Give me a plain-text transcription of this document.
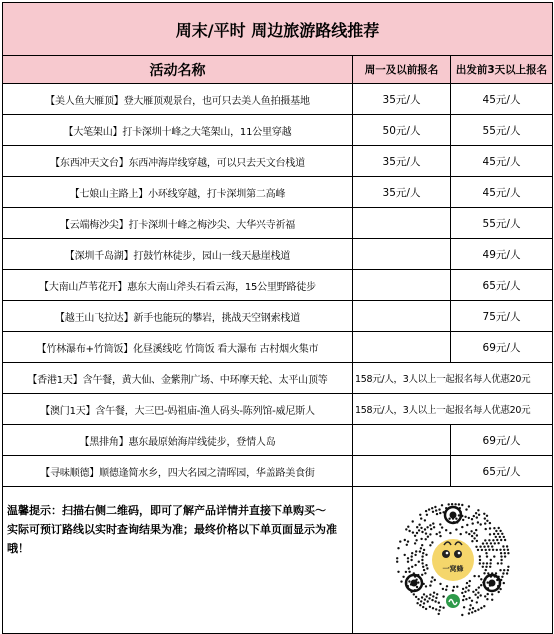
周末/平时 周边旅游路线推荐		
活动名称	周一及以前报名	出发前3天以上报名
【美人鱼大雁顶】登大雁顶观景台，也可只去美人鱼拍摄基地	35元/人	45元/人
【大笔架山】打卡深圳十峰之大笔架山，11公里穿越	50元/人	55元/人
【东西冲天文台】东西冲海岸线穿越，可以只去天文台栈道	35元/人	45元/人
【七娘山主路上】小环线穿越，打卡深圳第二高峰	35元/人	45元/人
【云端梅沙尖】打卡深圳十峰之梅沙尖、大华兴寺祈福		55元/人
【深圳千岛湖】打鼓竹林徒步，园山一线天悬崖栈道		49元/人
【大南山芦苇花开】惠东大南山斧头石看云海，15公里野路徒步		65元/人
【越王山飞拉达】新手也能玩的攀岩，挑战天空钢索栈道		75元/人
【竹林瀑布+竹筒饭】化昼溪线吃 竹筒饭 看大瀑布 古村烟火集市		69元/人
【香港1天】含午餐，黄大仙、金紫荆广场、中环摩天轮、太平山顶等	158元/人，3人以上一起报名每人优惠20元	
【澳门1天】含午餐，大三巴-妈祖庙-渔人码头-陈列馆-威尼斯人	158元/人，3人以上一起报名每人优惠20元	
【黑排角】惠东最原始海岸线徒步，登情人岛		69元/人
【寻味顺德】顺德逢简水乡，四大名园之清晖园，华盖路美食街		65元/人

温馨提示：扫描右侧二维码，即可了解产品详情并直接下单购买～
实际可预订路线以实时查询结果为准；最终价格以下单页面显示为准哦！	一窝蜂	
